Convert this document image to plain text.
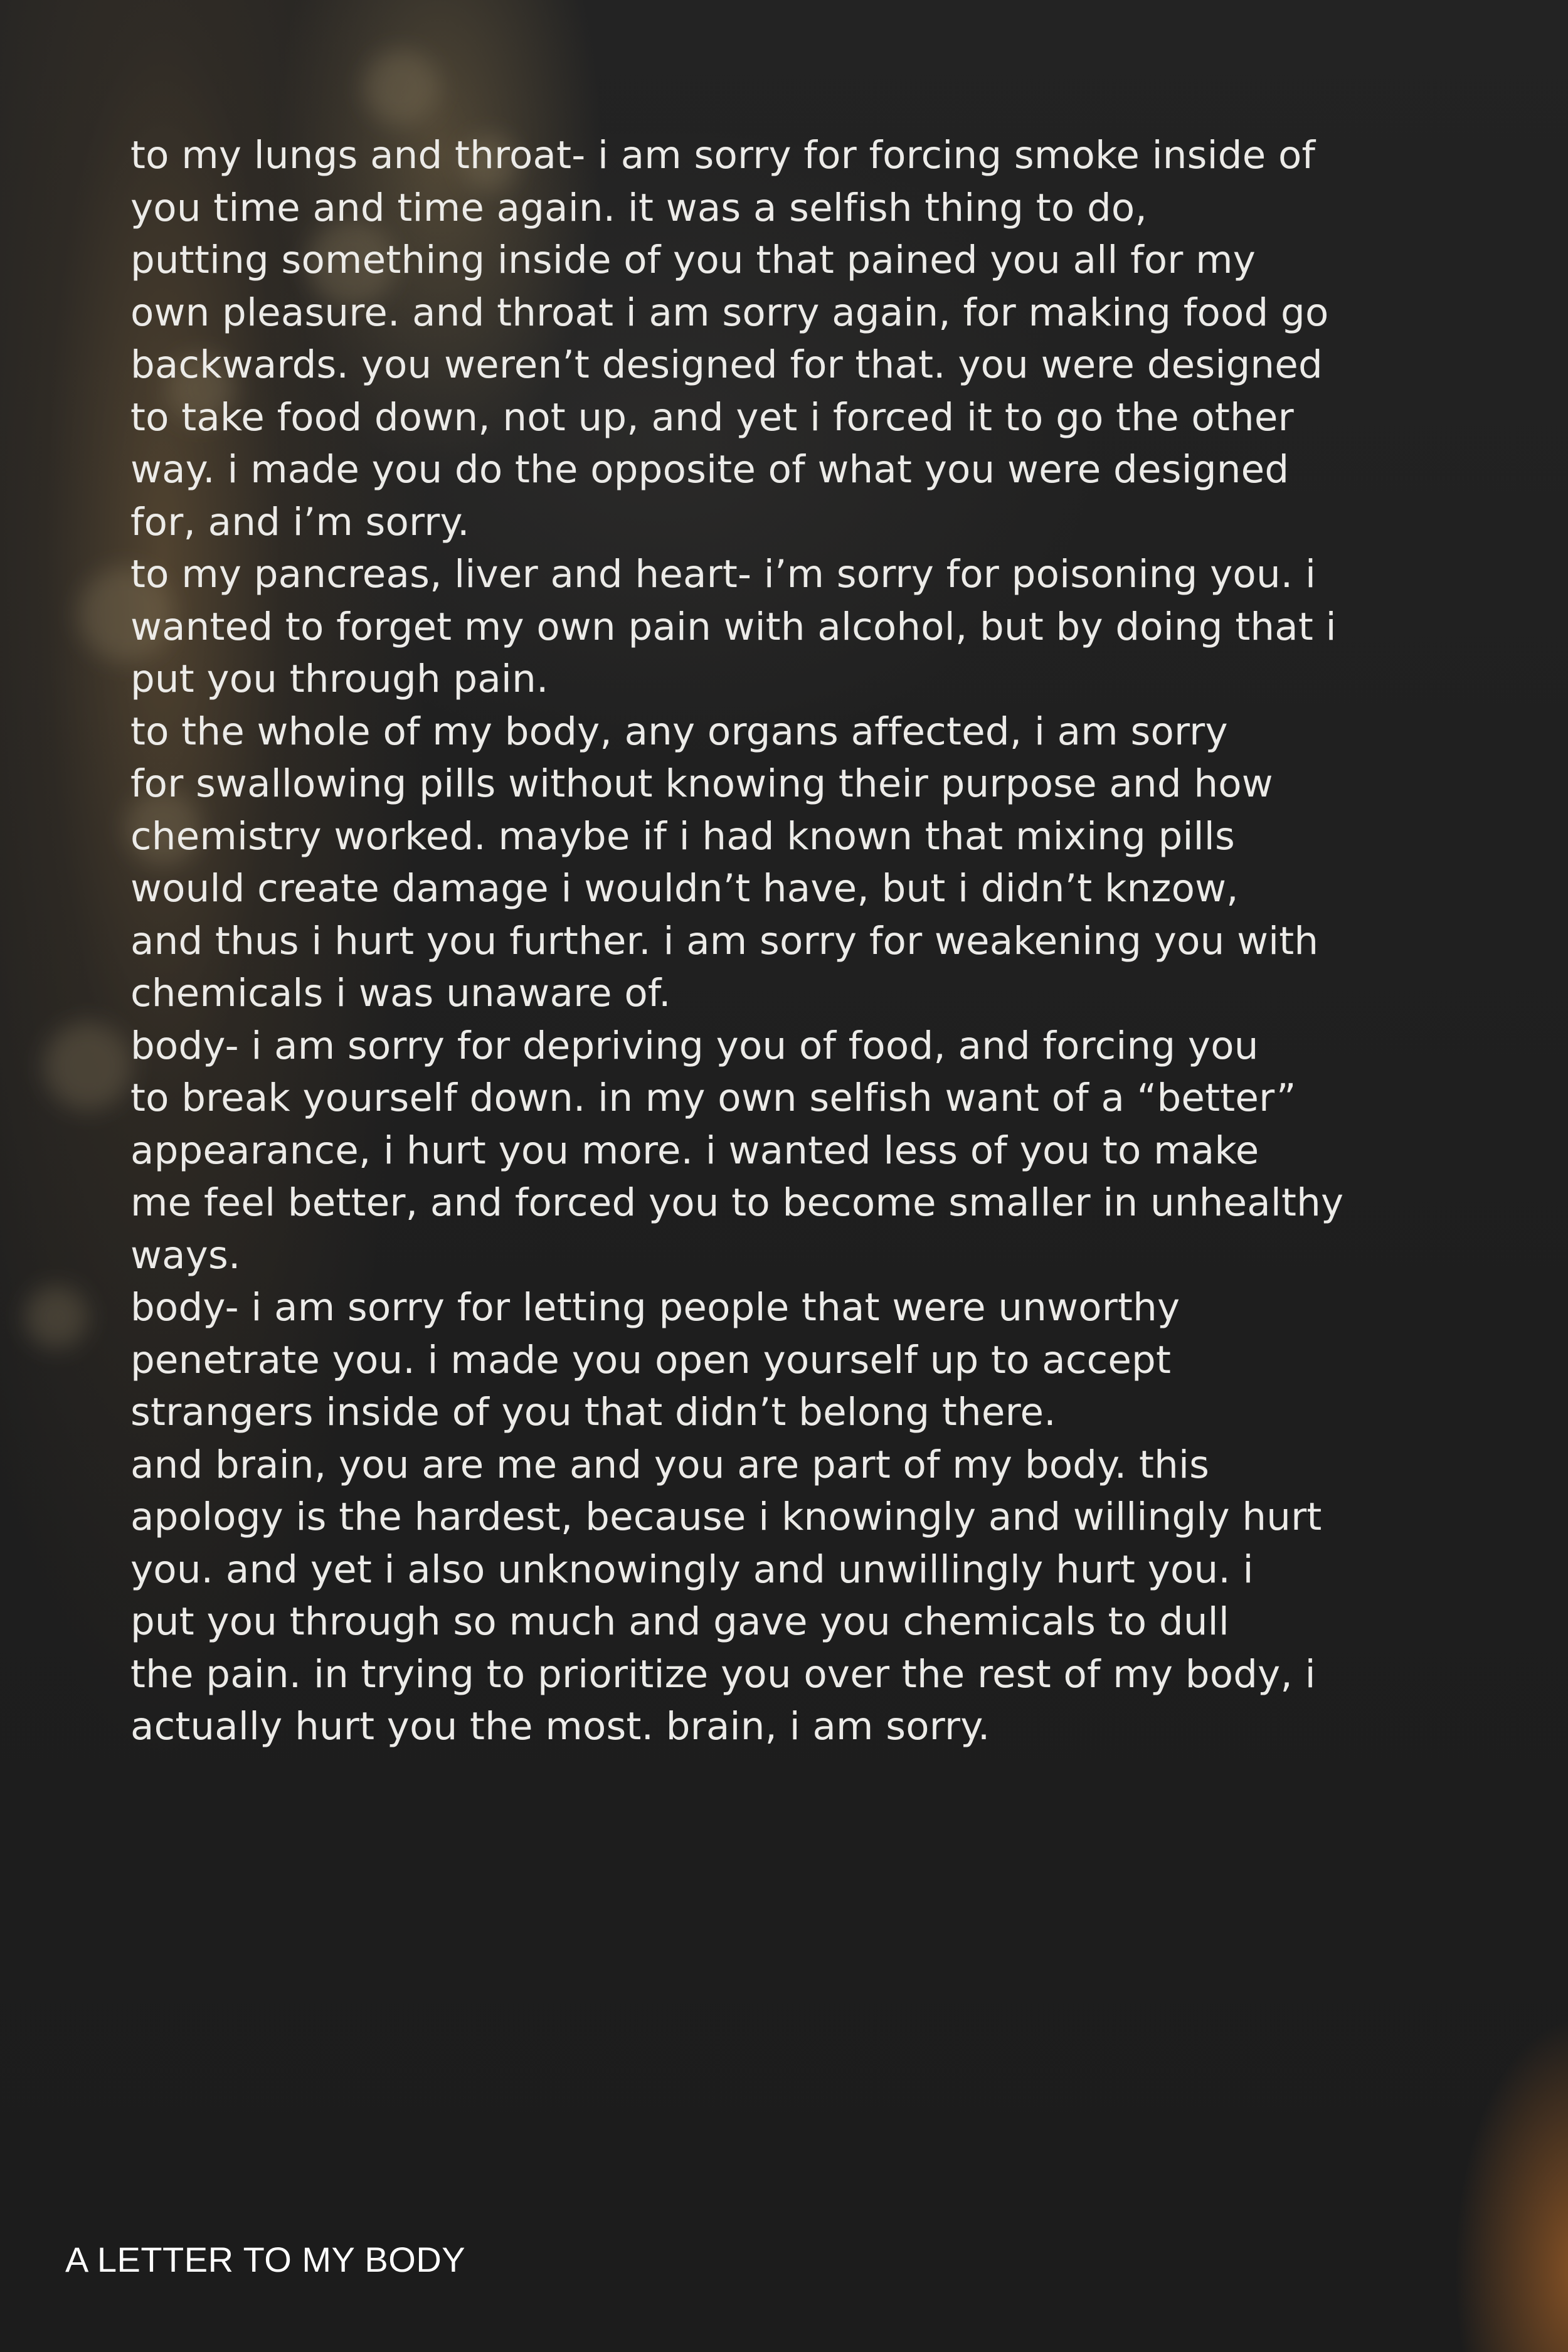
to my lungs and throat- i am sorry for forcing smoke inside of
you time and time again. it was a selfish thing to do,
putting something inside of you that pained you all for my
own pleasure. and throat i am sorry again, for making food go
backwards. you weren’t designed for that. you were designed
to take food down, not up, and yet i forced it to go the other
way. i made you do the opposite of what you were designed
for, and i’m sorry.
to my pancreas, liver and heart- i’m sorry for poisoning you. i
wanted to forget my own pain with alcohol, but by doing that i
put you through pain.
to the whole of my body, any organs affected, i am sorry
for swallowing pills without knowing their purpose and how
chemistry worked. maybe if i had known that mixing pills
would create damage i wouldn’t have, but i didn’t knzow,
and thus i hurt you further. i am sorry for weakening you with
chemicals i was unaware of.
body- i am sorry for depriving you of food, and forcing you
to break yourself down. in my own selfish want of a “better”
appearance, i hurt you more. i wanted less of you to make
me feel better, and forced you to become smaller in unhealthy
ways.
body- i am sorry for letting people that were unworthy
penetrate you. i made you open yourself up to accept
strangers inside of you that didn’t belong there.
and brain, you are me and you are part of my body. this
apology is the hardest, because i knowingly and willingly hurt
you. and yet i also unknowingly and unwillingly hurt you. i
put you through so much and gave you chemicals to dull
the pain. in trying to prioritize you over the rest of my body, i
actually hurt you the most. brain, i am sorry.
A LETTER TO MY BODY
